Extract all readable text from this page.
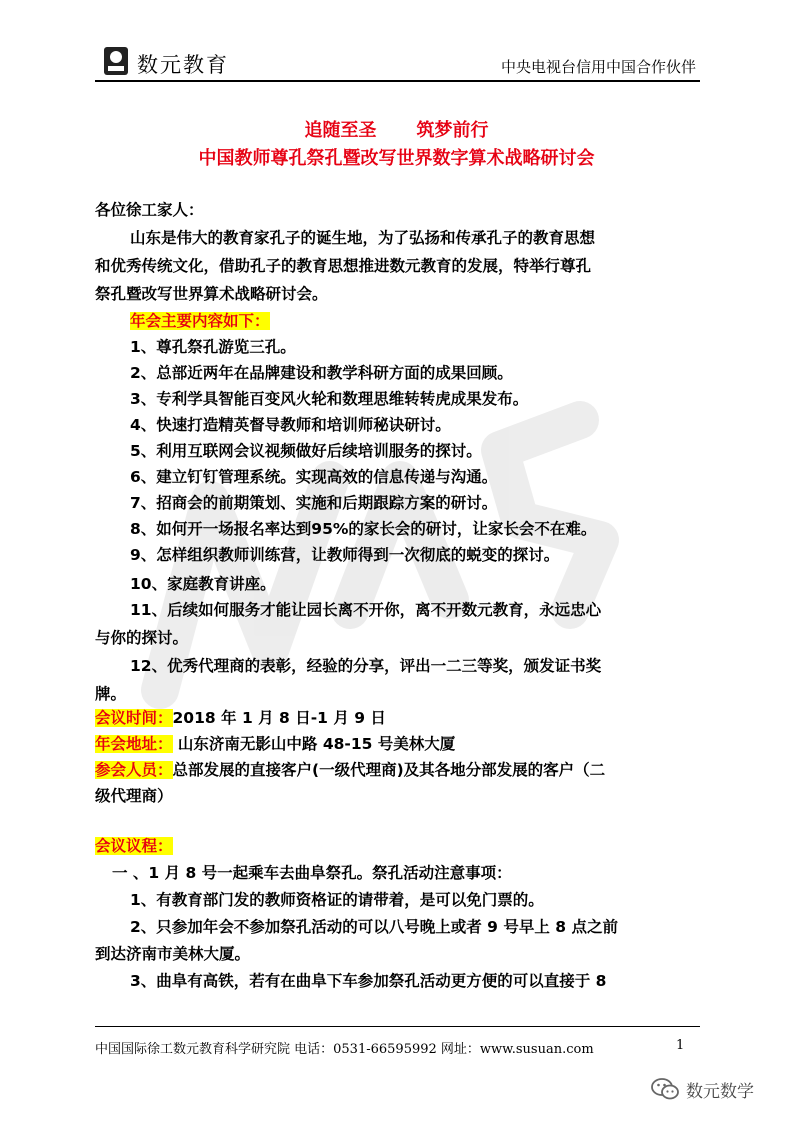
数元教育	中央电视台信用中国合作伙伴
追随至圣 筑梦前行
中国教师尊孔祭孔暨改写世界数字算术战略研讨会
各位徐工家人：
山东是伟大的教育家孔子的诞生地，为了弘扬和传承孔子的教育思想
和优秀传统文化，借助孔子的教育思想推进数元教育的发展，特举行尊孔
祭孔暨改写世界算术战略研讨会。
年会主要内容如下：
1、尊孔祭孔游览三孔。
2、总部近两年在品牌建设和教学科研方面的成果回顾。
3、专利学具智能百变风火轮和数理思维转转虎成果发布。
4、快速打造精英督导教师和培训师秘诀研讨。
5、利用互联网会议视频做好后续培训服务的探讨。
6、建立钉钉管理系统。实现高效的信息传递与沟通。
7、招商会的前期策划、实施和后期跟踪方案的研讨。
8、如何开一场报名率达到95%的家长会的研讨，让家长会不在难。
9、怎样组织教师训练营，让教师得到一次彻底的蜕变的探讨。
10、家庭教育讲座。
11、后续如何服务才能让园长离不开你，离不开数元教育，永远忠心
与你的探讨。
12、优秀代理商的表彰，经验的分享，评出一二三等奖，颁发证书奖
牌。
会议时间：2018 年 1 月 8 日-1 月 9 日
年会地址： 山东济南无影山中路 48-15 号美林大厦
参会人员：总部发展的直接客户(一级代理商)及其各地分部发展的客户（二
级代理商）
会议议程：
一 、1 月 8 号一起乘车去曲阜祭孔。祭孔活动注意事项：
1、有教育部门发的教师资格证的请带着，是可以免门票的。
2、只参加年会不参加祭孔活动的可以八号晚上或者 9 号早上 8 点之前
到达济南市美林大厦。
3、曲阜有高铁，若有在曲阜下车参加祭孔活动更方便的可以直接于 8
中国国际徐工数元教育科学研究院 电话：0531-66595992 网址：www.susuan.com	1
数元数学
